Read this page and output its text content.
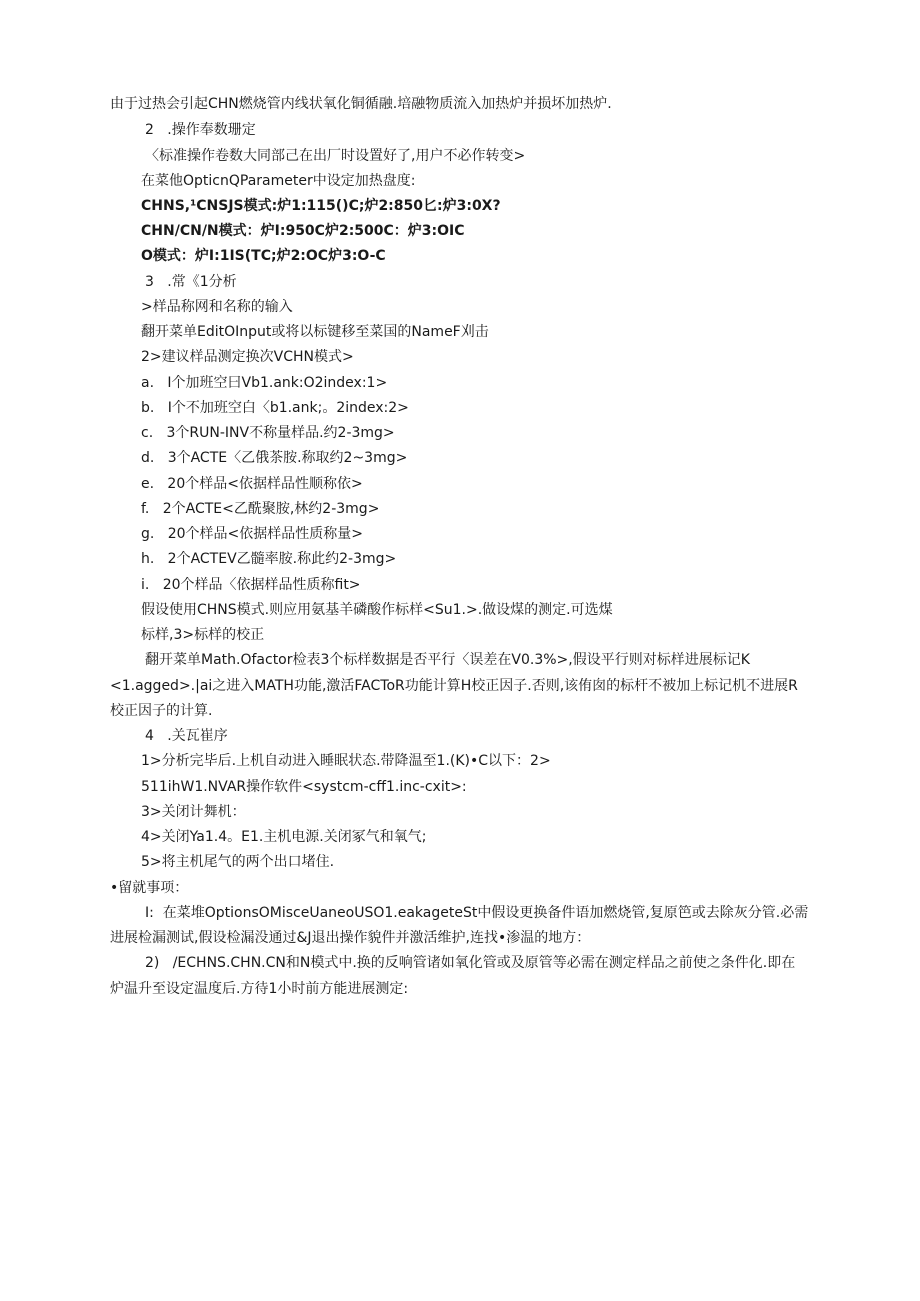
由于过热会引起CHN燃烧管内线状氧化铜循融.培融物质流入加热炉并损坏加热炉.
2   .操作奉数珊定
〈标准操作卷数大同部己在出厂时设置好了,用户不必作转变>
在菜他OpticnQParameter中设定加热盘度:
CHNS,¹CNSJS模式:炉1:115()C;炉2:850匕:炉3:0X?
CHN/CN/N模式：炉I:950C炉2:500C：炉3:OIC
O模式：炉I:1IS(TC;炉2:OC炉3:O-C
3   .常《1分析
>样品称网和名称的输入
翻开菜单EditOInput或将以标键移至菜国的NameF刈击
2>建议样品测定换次VCHN模式>
a.   I个加班空曰Vb1.ank:O2index:1>
b.   I个不加班空白〈b1.ank;。2index:2>
c.   3个RUN-INV不称量样品.约2-3mg>
d.   3个ACTE〈乙俄茶胺.称取约2~3mg>
e.   20个样品<依据样品性顺称依>
f.   2个ACTE<乙酰聚胺,林约2-3mg>
g.   20个样品<依据样品性质称量>
h.   2个ACTEV乙髓率胺.称此约2-3mg>
i.   20个样品〈依据样品性质称fit>
假设使用CHNS模式.则应用氨基羊磷酸作标样<Su1.>.做设煤的测定.可选煤
标样,3>标样的校正
翻开菜单Math.Ofactor检表3个标样数据是否平行〈误差在V0.3%>,假设平行则对标样进展标记K
<1.agged>.|ai之进入MATH功能,激活FACToR功能计算H校正因子.否则,该侑囱的标杆不被加上标记机不进展R
校正因子的计算.
4   .关瓦崔序
1>分析完毕后.上机自动进入睡眠状态.带降温至1.(K)•C以下：2>
511ihW1.NVAR操作软件<systcm-cff1.inc-cxit>:
3>关闭计舞机：
4>关闭Ya1.4。E1.主机电源.关闭冢气和氧气;
5>将主机尾气的两个出口堵住.
•留就事项：
I:  在菜堆OptionsOMisceUaneoUSO1.eakageteSt中假设更换备件语加燃烧管,复原笆或去除灰分管.必需
进展检漏测试,假设检漏没通过&J退出操作貌件并激活维护,连找•渗温的地方：
2)   /ECHNS.CHN.CN和N模式中.换的反响管诸如氧化管或及原管等必需在测定样品之前使之条件化.即在
炉温升至设定温度后.方待1小时前方能进展测定:
